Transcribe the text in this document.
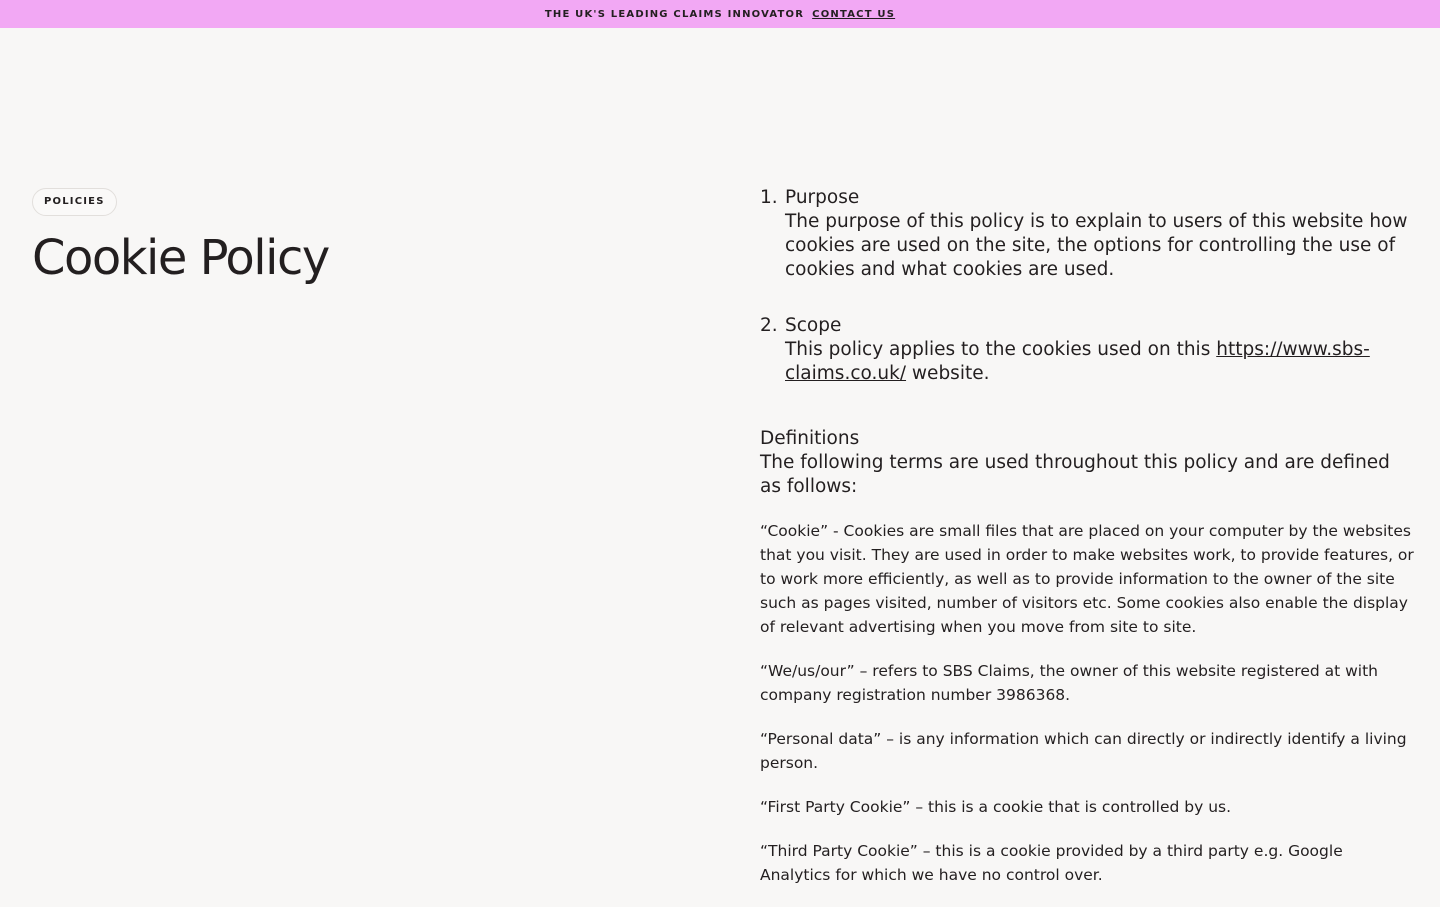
THE UK'S LEADING CLAIMS INNOVATOR CONTACT US
POLICIES
Cookie Policy
1. Purpose
The purpose of this policy is to explain to users of this website how cookies are used on the site, the options for controlling the use of cookies and what cookies are used.
2. Scope
This policy applies to the cookies used on this https://www.sbs-claims.co.uk/ website.
Definitions
The following terms are used throughout this policy and are defined as follows:

“Cookie” - Cookies are small files that are placed on your computer by the websites that you visit. They are used in order to make websites work, to provide features, or to work more efficiently, as well as to provide information to the owner of the site such as pages visited, number of visitors etc. Some cookies also enable the display of relevant advertising when you move from site to site.

“We/us/our” – refers to SBS Claims, the owner of this website registered at with company registration number 3986368.

“Personal data” – is any information which can directly or indirectly identify a living person.

“First Party Cookie” – this is a cookie that is controlled by us.

“Third Party Cookie” – this is a cookie provided by a third party e.g. Google Analytics for which we have no control over.
